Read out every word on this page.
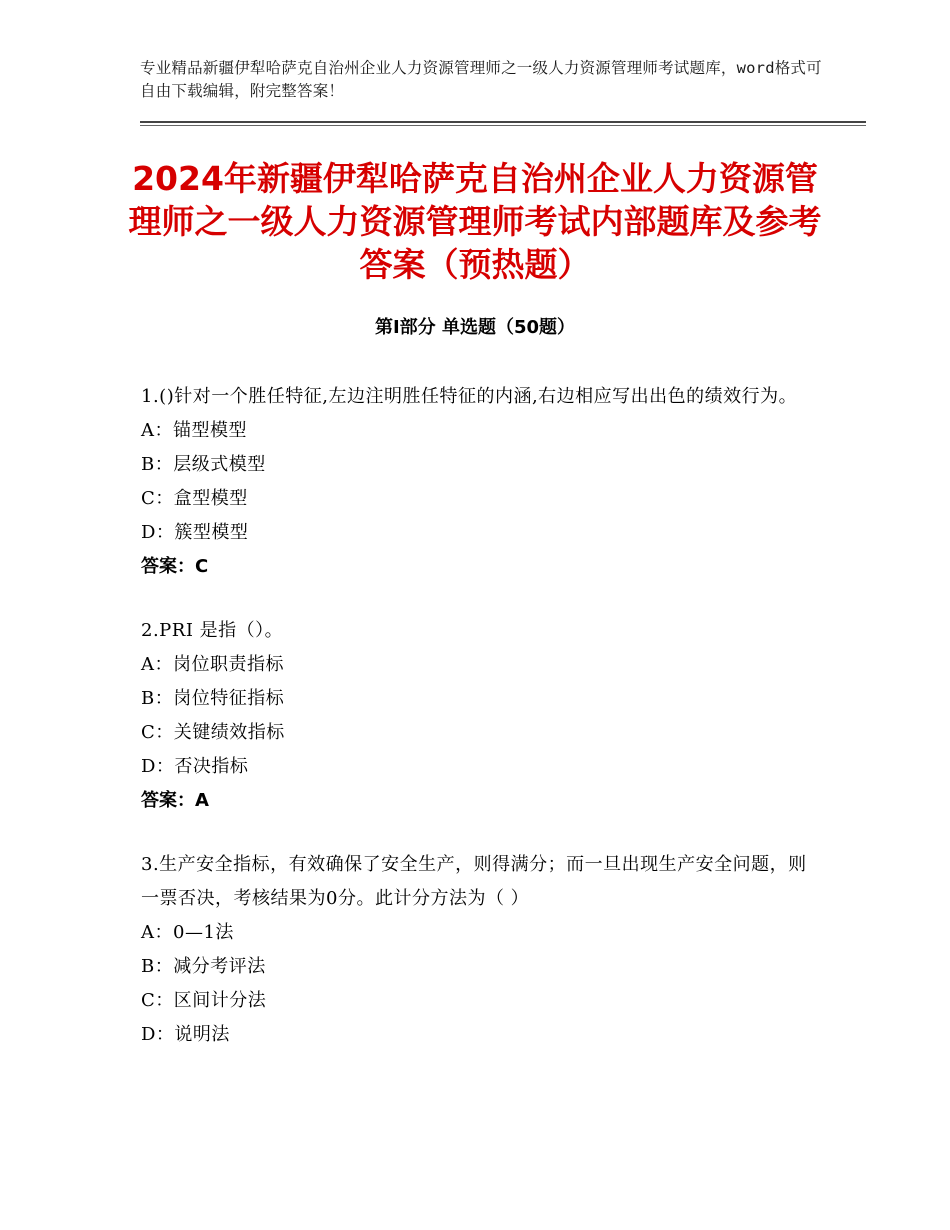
专业精品新疆伊犁哈萨克自治州企业人力资源管理师之一级人力资源管理师考试题库，word格式可自由下载编辑，附完整答案！
2024年新疆伊犁哈萨克自治州企业人力资源管理师之一级人力资源管理师考试内部题库及参考答案（预热题）
第Ⅰ部分 单选题（50题）
1.()针对一个胜任特征,左边注明胜任特征的内涵,右边相应写出出色的绩效行为。
A：锚型模型
B：层级式模型
C：盒型模型
D：簇型模型
答案：C
2.PRI 是指（）。
A：岗位职责指标
B：岗位特征指标
C：关键绩效指标
D：否决指标
答案：A
3.生产安全指标，有效确保了安全生产，则得满分；而一旦出现生产安全问题，则一票否决，考核结果为0分。此计分方法为（ ）
A：0—1法
B：减分考评法
C：区间计分法
D：说明法
